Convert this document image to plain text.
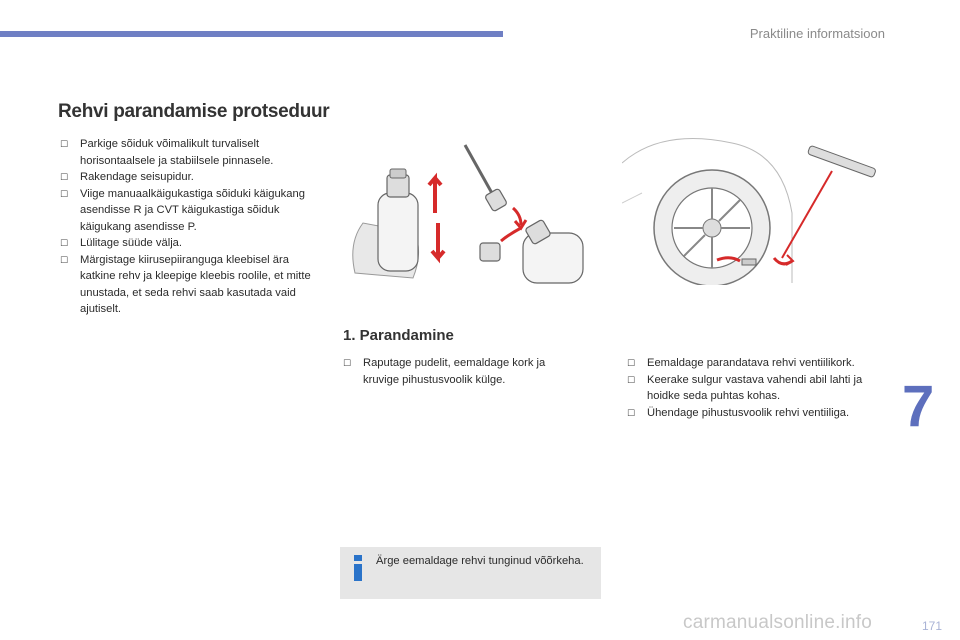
Praktiline informatsioon
7
Rehvi parandamise protseduur
☐ Parkige sõiduk võimalikult turvaliselt horisontaalsele ja stabiilsele pinnasele.
☐ Rakendage seisupidur.
☐ Viige manuaalkäigukastiga sõiduki käigukang asendisse R ja CVT käigukastiga sõiduk käigukang asendisse P.
☐ Lülitage süüde välja.
☐ Märgistage kiirusepiiranguga kleebisel ära katkine rehv ja kleepige kleebis roolile, et mitte unustada, et seda rehvi saab kasutada vaid ajutiselt.
1. Parandamine
☐ Raputage pudelit, eemaldage kork ja kruvige pihustusvoolik külge.
☐ Eemaldage parandatava rehvi ventiilikork.
☐ Keerake sulgur vastava vahendi abil lahti ja hoidke seda puhtas kohas.
☐ Ühendage pihustusvoolik rehvi ventiiliga.
Ärge eemaldage rehvi tunginud võõrkeha.
carmanualsonline.info	171
